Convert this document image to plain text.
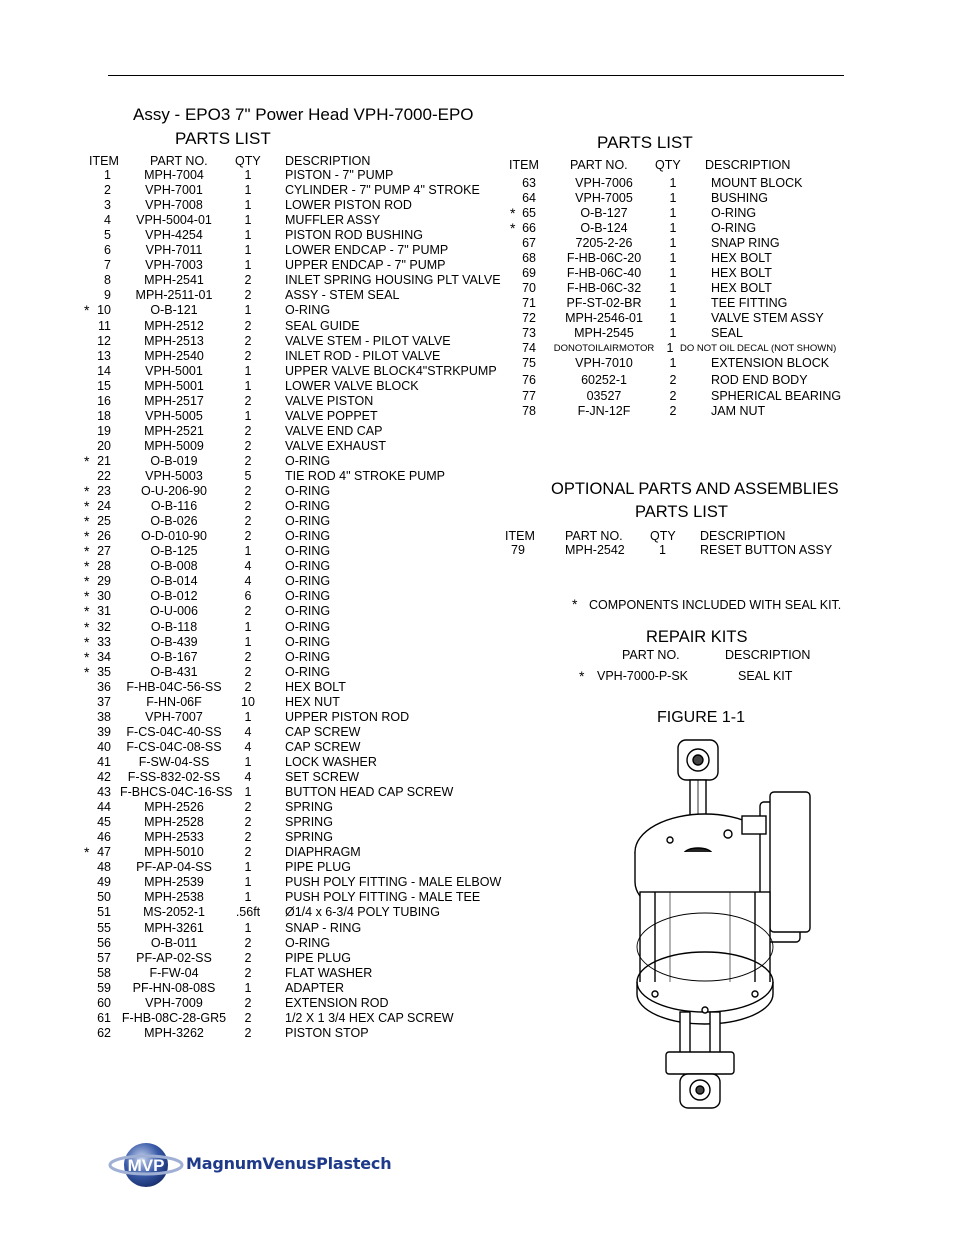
Assy - EPO3 7" Power Head VPH-7000-EPO
PARTS LIST
ITEM PART NO. QTY DESCRIPTION
1	MPH-7004	1	PISTON - 7" PUMP
2	VPH-7001	1	CYLINDER - 7" PUMP 4" STROKE
3	VPH-7008	1	LOWER PISTON ROD
4	VPH-5004-01	1	MUFFLER ASSY
5	VPH-4254	1	PISTON ROD BUSHING
6	VPH-7011	1	LOWER ENDCAP - 7" PUMP
7	VPH-7003	1	UPPER ENDCAP - 7" PUMP
8	MPH-2541	2	INLET SPRING HOUSING PLT VALVE
9	MPH-2511-01	2	ASSY - STEM SEAL
* 10	O-B-121	1	O-RING
11	MPH-2512	2	SEAL GUIDE
12	MPH-2513	2	VALVE STEM - PILOT VALVE
13	MPH-2540	2	INLET ROD - PILOT VALVE
14	VPH-5001	1	UPPER VALVE BLOCK4"STRKPUMP
15	MPH-5001	1	LOWER VALVE BLOCK
16	MPH-2517	2	VALVE PISTON
18	VPH-5005	1	VALVE POPPET
19	MPH-2521	2	VALVE END CAP
20	MPH-5009	2	VALVE EXHAUST
* 21	O-B-019	2	O-RING
22	VPH-5003	5	TIE ROD 4" STROKE PUMP
* 23	O-U-206-90	2	O-RING
* 24	O-B-116	2	O-RING
* 25	O-B-026	2	O-RING
* 26	O-D-010-90	2	O-RING
* 27	O-B-125	1	O-RING
* 28	O-B-008	4	O-RING
* 29	O-B-014	4	O-RING
* 30	O-B-012	6	O-RING
* 31	O-U-006	2	O-RING
* 32	O-B-118	1	O-RING
* 33	O-B-439	1	O-RING
* 34	O-B-167	2	O-RING
* 35	O-B-431	2	O-RING
36	F-HB-04C-56-SS	2	HEX BOLT
37	F-HN-06F	10	HEX NUT
38	VPH-7007	1	UPPER PISTON ROD
39	F-CS-04C-40-SS	4	CAP SCREW
40	F-CS-04C-08-SS	4	CAP SCREW
41	F-SW-04-SS	1	LOCK WASHER
42	F-SS-832-02-SS	4	SET SCREW
43 F-BHCS-04C-16-SS 1	BUTTON HEAD CAP SCREW
44	MPH-2526	2	SPRING
45	MPH-2528	2	SPRING
46	MPH-2533	2	SPRING
* 47	MPH-5010	2	DIAPHRAGM
48	PF-AP-04-SS	1	PIPE PLUG
49	MPH-2539	1	PUSH POLY FITTING - MALE ELBOW
50	MPH-2538	1	PUSH POLY FITTING - MALE TEE
51	MS-2052-1	.56ft	Ø1/4 x 6-3/4 POLY TUBING
55	MPH-3261	1	SNAP - RING
56	O-B-011	2	O-RING
57	PF-AP-02-SS	2	PIPE PLUG
58	F-FW-04	2	FLAT WASHER
59	PF-HN-08-08S	1	ADAPTER
60	VPH-7009	2	EXTENSION ROD
61 F-HB-08C-28-GR5	2	1/2 X 1 3/4 HEX CAP SCREW
62	MPH-3262	2	PISTON STOP
PARTS LIST
ITEM PART NO. QTY DESCRIPTION
63	VPH-7006	1	MOUNT BLOCK
64	VPH-7005	1	BUSHING
* 65	O-B-127	1	O-RING
* 66	O-B-124	1	O-RING
67	7205-2-26	1	SNAP RING
68	F-HB-06C-20	1	HEX BOLT
69	F-HB-06C-40	1	HEX BOLT
70	F-HB-06C-32	1	HEX BOLT
71	PF-ST-02-BR	1	TEE FITTING
72	MPH-2546-01	1	VALVE STEM ASSY
73	MPH-2545	1	SEAL
74	DONOTOILAIRMOTOR 1 DO NOT OIL DECAL (NOT SHOWN)
75	VPH-7010	1	EXTENSION BLOCK
76	60252-1	2	ROD END BODY
77	03527	2	SPHERICAL BEARING
78	F-JN-12F	2	JAM NUT
OPTIONAL PARTS AND ASSEMBLIES
PARTS LIST
ITEM PART NO. QTY DESCRIPTION
79	MPH-2542	1	RESET BUTTON ASSY
* COMPONENTS INCLUDED WITH SEAL KIT.
REPAIR KITS
PART NO.	DESCRIPTION
* VPH-7000-P-SK	SEAL KIT
FIGURE 1-1
MVP MagnumVenusPlastech
